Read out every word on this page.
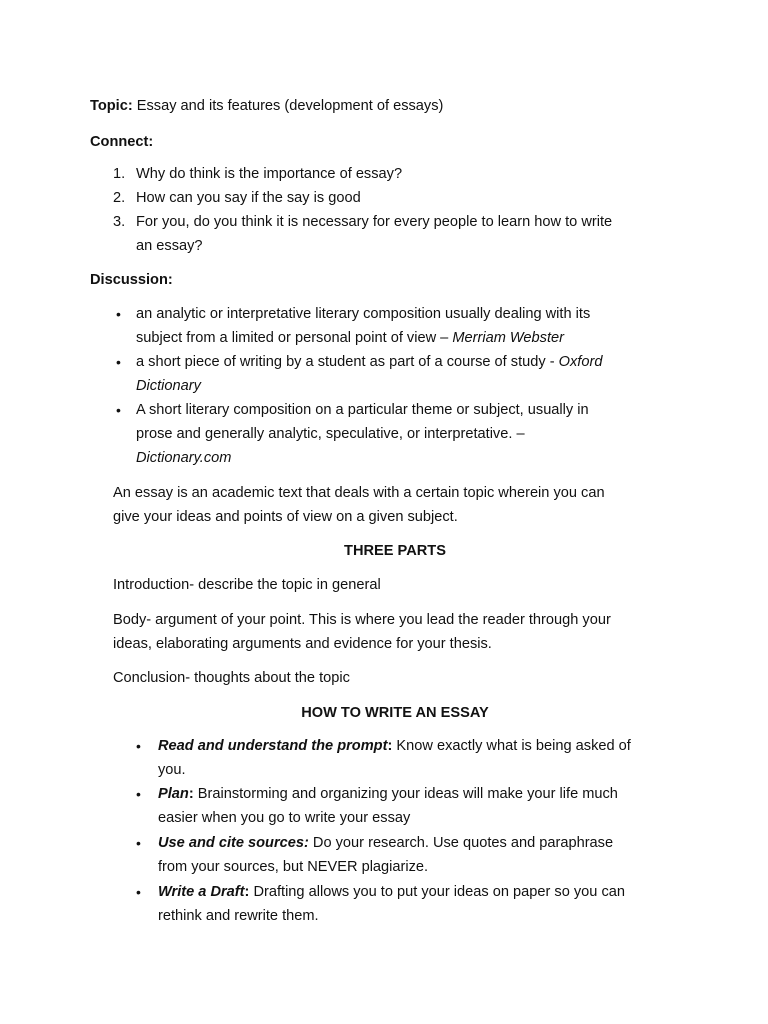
Topic: Essay and its features (development of essays)
Connect:
1. Why do think is the importance of essay?
2. How can you say if the say is good
3. For you, do you think it is necessary for every people to learn how to write
an essay?
Discussion:
• an analytic or interpretative literary composition usually dealing with its
subject from a limited or personal point of view – Merriam Webster
• a short piece of writing by a student as part of a course of study - Oxford
Dictionary
• A short literary composition on a particular theme or subject, usually in
prose and generally analytic, speculative, or interpretative. –
Dictionary.com
An essay is an academic text that deals with a certain topic wherein you can
give your ideas and points of view on a given subject.
THREE PARTS
Introduction- describe the topic in general
Body- argument of your point. This is where you lead the reader through your
ideas, elaborating arguments and evidence for your thesis.
Conclusion- thoughts about the topic
HOW TO WRITE AN ESSAY
• Read and understand the prompt: Know exactly what is being asked of
you.
• Plan: Brainstorming and organizing your ideas will make your life much
easier when you go to write your essay
• Use and cite sources: Do your research. Use quotes and paraphrase
from your sources, but NEVER plagiarize.
• Write a Draft: Drafting allows you to put your ideas on paper so you can
rethink and rewrite them.
